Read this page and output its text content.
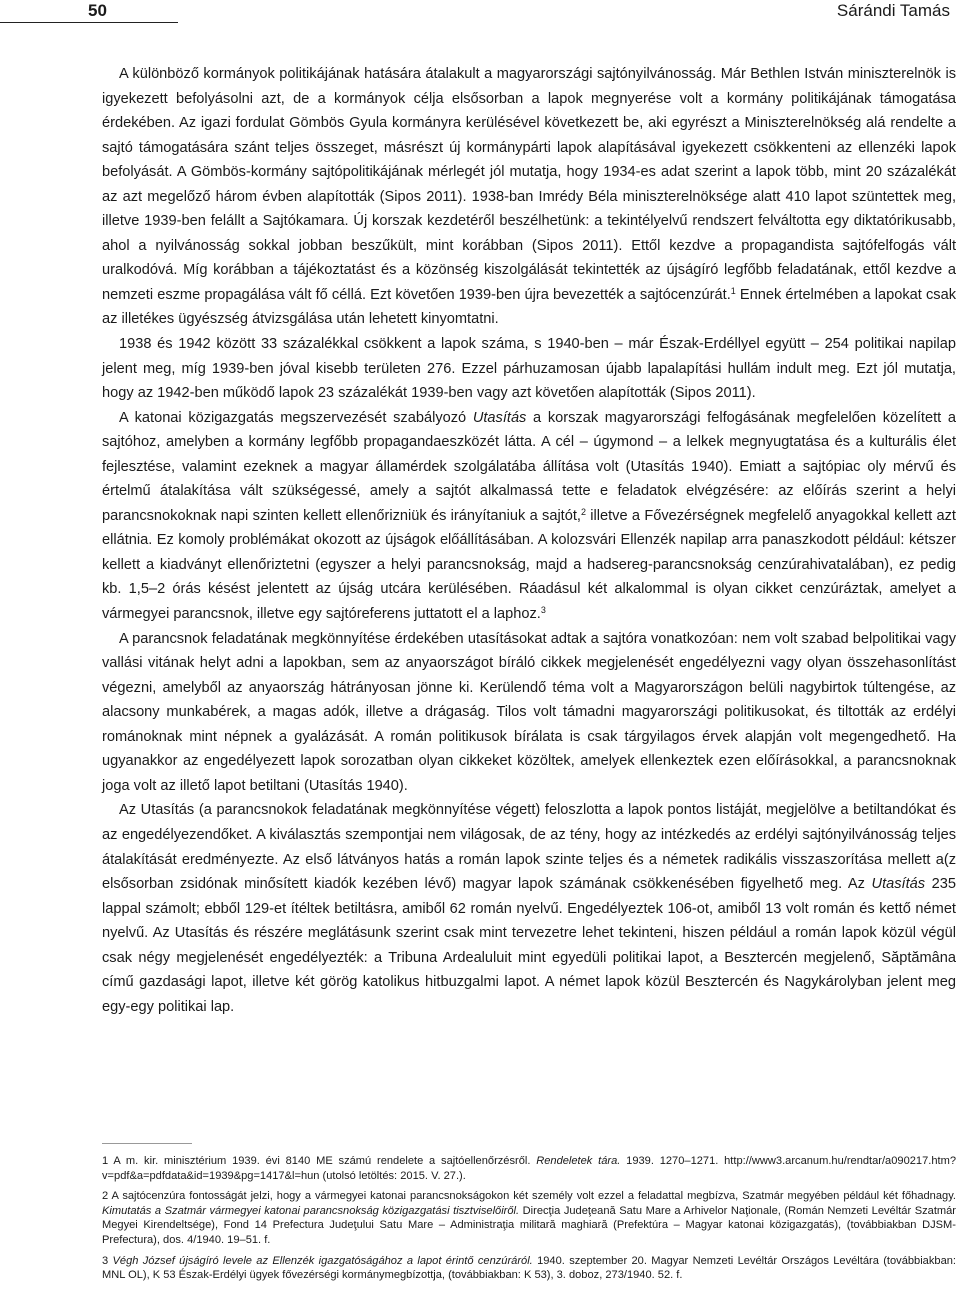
50	Sárándi Tamás

A különböző kormányok politikájának hatására átalakult a magyarországi sajtónyilvánosság. Már Bethlen István miniszterelnök is igyekezett befolyásolni azt, de a kormányok célja elsősorban a lapok megnyerése volt a kormány politikájának támogatása érdekében. Az igazi fordulat Gömbös Gyula kormányra kerülésével következett be, aki egyrészt a Miniszterelnökség alá rendelte a sajtó támogatására szánt teljes összeget, másrészt új kormánypárti lapok alapításával igyekezett csökkenteni az ellenzéki lapok befolyását. A Gömbös-kormány sajtópolitikájának mérlegét jól mutatja, hogy 1934-es adat szerint a lapok több, mint 20 százalékát az azt megelőző három évben alapították (Sipos 2011). 1938-ban Imrédy Béla miniszterelnöksége alatt 410 lapot szüntettek meg, illetve 1939-ben felállt a Sajtókamara. Új korszak kezdetéről beszélhetünk: a tekintélyelvű rendszert felváltotta egy diktatórikusabb, ahol a nyilvánosság sokkal jobban beszűkült, mint korábban (Sipos 2011). Ettől kezdve a propagandista sajtófelfogás vált uralkodóvá. Míg korábban a tájékoztatást és a közönség kiszolgálását tekintették az újságíró legfőbb feladatának, ettől kezdve a nemzeti eszme propagálása vált fő céllá. Ezt követően 1939-ben újra bevezették a sajtócenzúrát.$^1$ Ennek értelmében a lapokat csak az illetékes ügyészség átvizsgálása után lehetett kinyomtatni.

1938 és 1942 között 33 százalékkal csökkent a lapok száma, s 1940-ben – már Észak-Erdéllyel együtt – 254 politikai napilap jelent meg, míg 1939-ben jóval kisebb területen 276. Ezzel párhuzamosan újabb lapalapítási hullám indult meg. Ezt jól mutatja, hogy az 1942-ben működő lapok 23 százalékát 1939-ben vagy azt követően alapították (Sipos 2011).

A katonai közigazgatás megszervezését szabályozó Utasítás a korszak magyarországi felfogásának megfelelően közelített a sajtóhoz, amelyben a kormány legfőbb propagandaeszközét látta. A cél – úgymond – a lelkek megnyugtatása és a kulturális élet fejlesztése, valamint ezeknek a magyar államérdek szolgálatába állítása volt (Utasítás 1940). Emiatt a sajtópiac oly mérvű és értelmű átalakítása vált szükségessé, amely a sajtót alkalmassá tette e feladatok elvégzésére: az előírás szerint a helyi parancsnokoknak napi szinten kellett ellenőrizniük és irányítaniuk a sajtót,$^2$ illetve a Fővezérségnek megfelelő anyagokkal kellett azt ellátnia. Ez komoly problémákat okozott az újságok előállításában. A kolozsvári Ellenzék napilap arra panaszkodott például: kétszer kellett a kiadványt ellenőriztetni (egyszer a helyi parancsnokság, majd a hadsereg-parancsnokság cenzúrahivatalában), ez pedig kb. 1,5–2 órás késést jelentett az újság utcára kerülésében. Ráadásul két alkalommal is olyan cikket cenzúráztak, amelyet a vármegyei parancsnok, illetve egy sajtóreferens juttatott el a laphoz.$^3$

A parancsnok feladatának megkönnyítése érdekében utasításokat adtak a sajtóra vonatkozóan: nem volt szabad belpolitikai vagy vallási vitának helyt adni a lapokban, sem az anyaországot bíráló cikkek megjelenését engedélyezni vagy olyan összehasonlítást végezni, amelyből az anyaország hátrányosan jönne ki. Kerülendő téma volt a Magyarországon belüli nagybirtok túltengése, az alacsony munkabérek, a magas adók, illetve a drágaság. Tilos volt támadni magyarországi politikusokat, és tiltották az erdélyi románoknak mint népnek a gyalázását. A román politikusok bírálata is csak tárgyilagos érvek alapján volt megengedhető. Ha ugyanakkor az engedélyezett lapok sorozatban olyan cikkeket közöltek, amelyek ellenkeztek ezen előírásokkal, a parancsnoknak joga volt az illető lapot betiltani (Utasítás 1940).

Az Utasítás (a parancsnokok feladatának megkönnyítése végett) feloszlotta a lapok pontos listáját, megjelölve a betiltandókat és az engedélyezendőket. A kiválasztás szempontjai nem világosak, de az tény, hogy az intézkedés az erdélyi sajtónyilvánosság teljes átalakítását eredményezte. Az első látványos hatás a román lapok szinte teljes és a németek radikális visszaszorítása mellett a(z elsősorban zsidónak minősített kiadók kezében lévő) magyar lapok számának csökkenésében figyelhető meg. Az Utasítás 235 lappal számolt; ebből 129-et ítéltek betiltásra, amiből 62 román nyelvű. Engedélyeztek 106-ot, amiből 13 volt román és kettő német nyelvű. Az Utasítás és részére meglátásunk szerint csak mint tervezetre lehet tekinteni, hiszen például a román lapok közül végül csak négy megjelenését engedélyezték: a Tribuna Ardealuluit mint egyedüli politikai lapot, a Besztercén megjelenő, Săptămâna című gazdasági lapot, illetve két görög katolikus hitbuzgalmi lapot. A német lapok közül Besztercén és Nagykárolyban jelent meg egy-egy politikai lap.

1 A m. kir. minisztérium 1939. évi 8140 ME számú rendelete a sajtóellenőrzésről. Rendeletek tára. 1939. 1270–1271. http://www3.arcanum.hu/rendtar/a090217.htm?v=pdf&a=pdfdata&id=1939&pg=1417&l=hun (utolsó letöltés: 2015. V. 27.).

2 A sajtócenzúra fontosságát jelzi, hogy a vármegyei katonai parancsnokságokon két személy volt ezzel a feladattal megbízva, Szatmár megyében például két főhadnagy. Kimutatás a Szatmár vármegyei katonai parancsnokság közigazgatási tisztviselőiről. Direcţia Judeţeană Satu Mare a Arhivelor Naţionale, (Román Nemzeti Levéltár Szatmár Megyei Kirendeltsége), Fond 14 Prefectura Judeţului Satu Mare – Administraţia militară maghiară (Prefektúra – Magyar katonai közigazgatás), (továbbiakban DJSM-Prefectura), dos. 4/1940. 19–51. f.

3 Végh József újságíró levele az Ellenzék igazgatóságához a lapot érintő cenzúráról. 1940. szeptember 20. Magyar Nemzeti Levéltár Országos Levéltára (továbbiakban: MNL OL), K 53 Észak-Erdélyi ügyek fővezérségi kormánymegbízottja, (továbbiakban: K 53), 3. doboz, 273/1940. 52. f.
